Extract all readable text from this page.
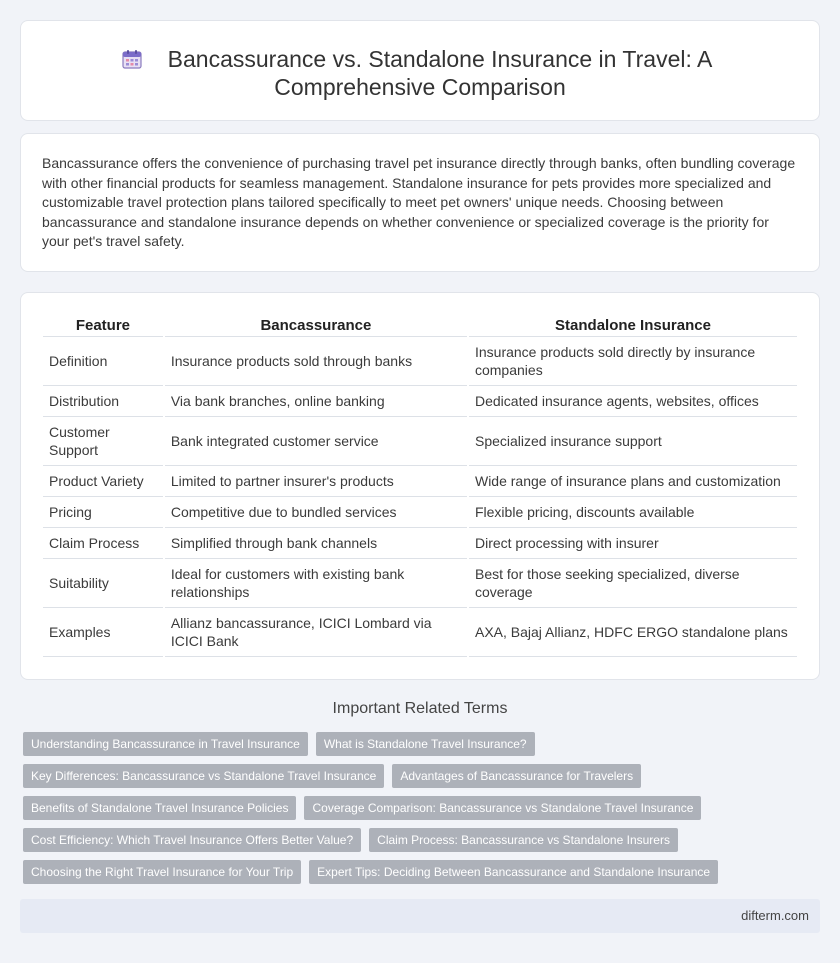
Bancassurance vs. Standalone Insurance in Travel: A
Comprehensive Comparison

Bancassurance offers the convenience of purchasing travel pet insurance directly through banks, often bundling coverage with other financial products for seamless management. Standalone insurance for pets provides more specialized and customizable travel protection plans tailored specifically to meet pet owners' unique needs. Choosing between bancassurance and standalone insurance depends on whether convenience or specialized coverage is the priority for your pet's travel safety.

Feature	Bancassurance	Standalone Insurance
Definition	Insurance products sold through banks	Insurance products sold directly by insurance companies
Distribution	Via bank branches, online banking	Dedicated insurance agents, websites, offices
Customer Support	Bank integrated customer service	Specialized insurance support
Product Variety	Limited to partner insurer's products	Wide range of insurance plans and customization
Pricing	Competitive due to bundled services	Flexible pricing, discounts available
Claim Process	Simplified through bank channels	Direct processing with insurer
Suitability	Ideal for customers with existing bank relationships	Best for those seeking specialized, diverse coverage
Examples	Allianz bancassurance, ICICI Lombard via ICICI Bank	AXA, Bajaj Allianz, HDFC ERGO standalone plans
Important Related Terms
Understanding Bancassurance in Travel Insurance	What is Standalone Travel Insurance?
Key Differences: Bancassurance vs Standalone Travel Insurance	Advantages of Bancassurance for Travelers
Benefits of Standalone Travel Insurance Policies	Coverage Comparison: Bancassurance vs Standalone Travel Insurance
Cost Efficiency: Which Travel Insurance Offers Better Value?	Claim Process: Bancassurance vs Standalone Insurers
Choosing the Right Travel Insurance for Your Trip	Expert Tips: Deciding Between Bancassurance and Standalone Insurance
difterm.com
